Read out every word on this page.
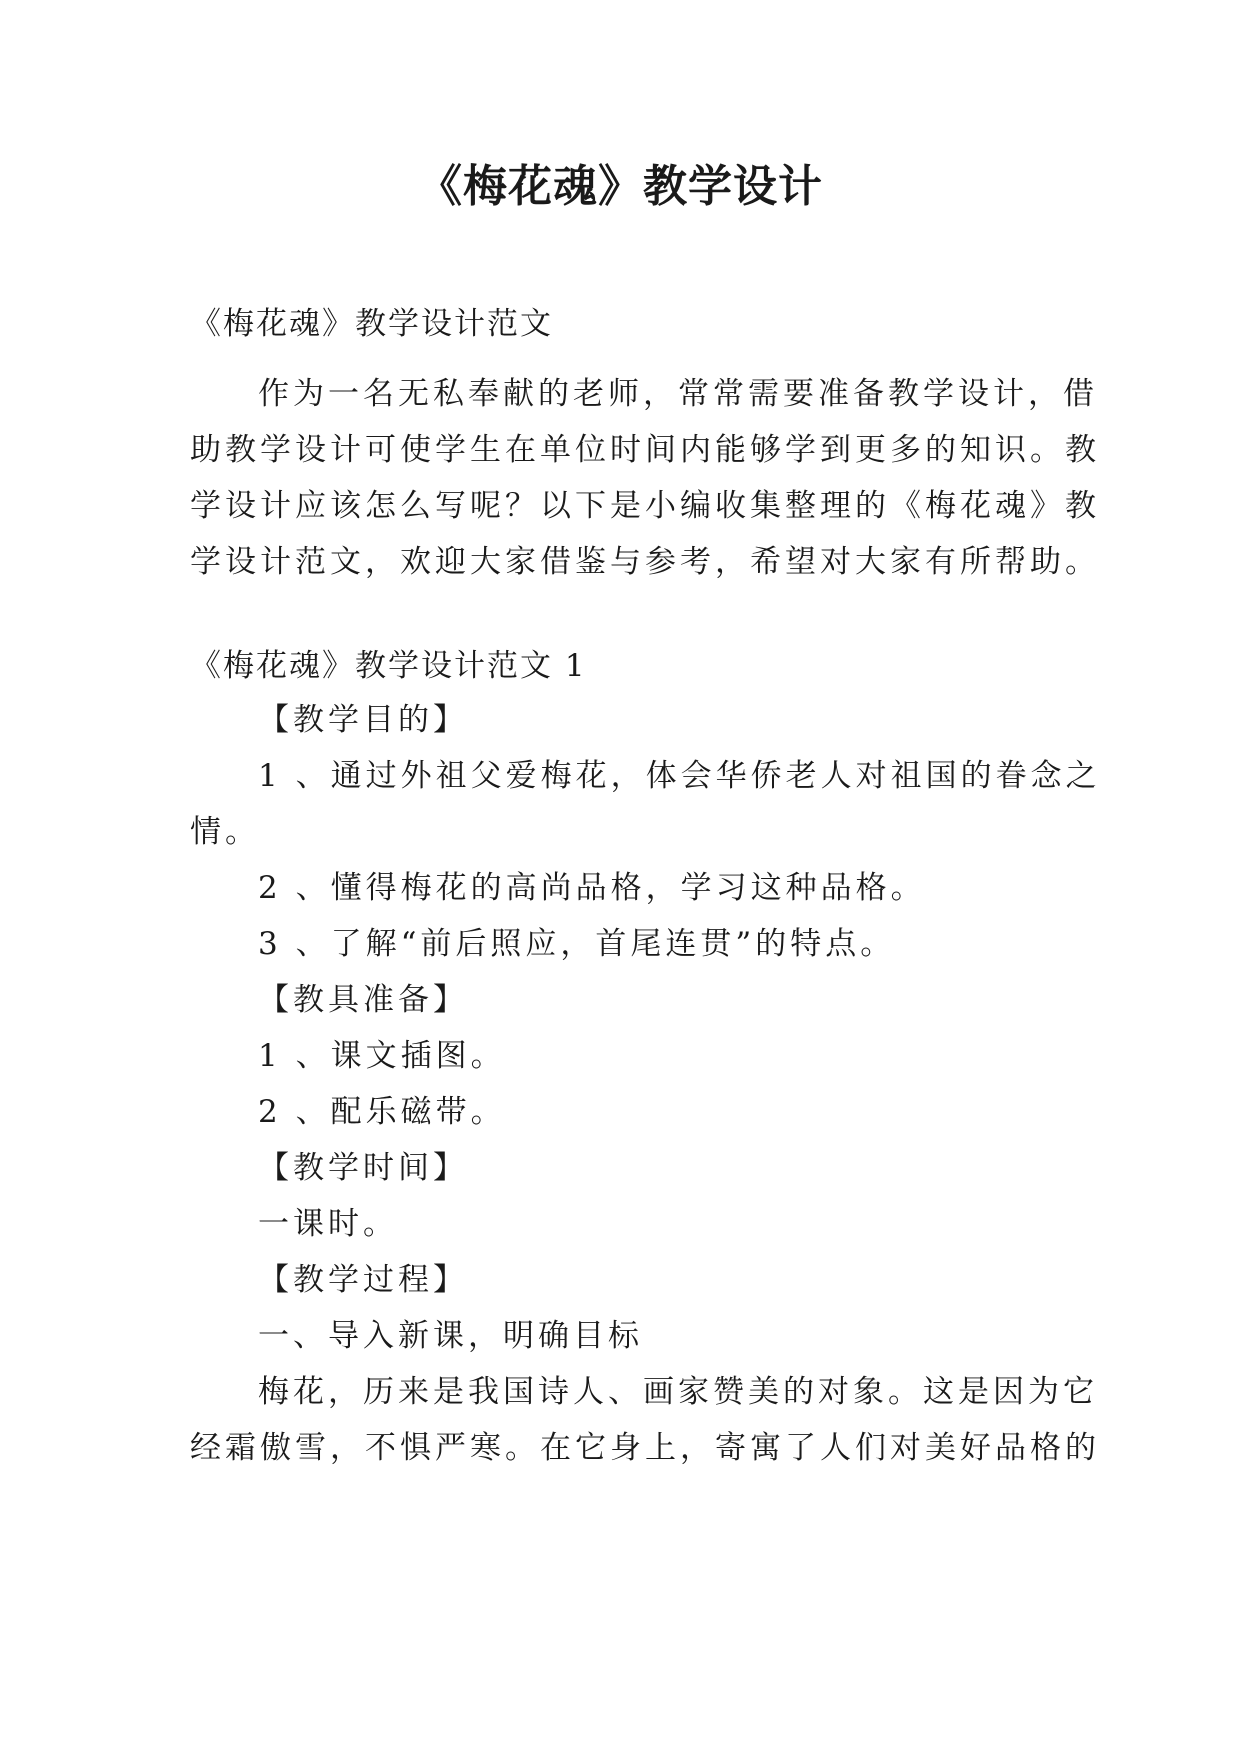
《梅花魂》教学设计
《梅花魂》教学设计范文
作为一名无私奉献的老师，常常需要准备教学设计，借
助教学设计可使学生在单位时间内能够学到更多的知识。教
学设计应该怎么写呢？以下是小编收集整理的《梅花魂》教
学设计范文，欢迎大家借鉴与参考，希望对大家有所帮助。
《梅花魂》教学设计范文 1
【教学目的】
1 、通过外祖父爱梅花，体会华侨老人对祖国的眷念之
情。
2 、懂得梅花的高尚品格，学习这种品格。
3 、了解“前后照应，首尾连贯”的特点。
【教具准备】
1 、课文插图。
2 、配乐磁带。
【教学时间】
一课时。
【教学过程】
一、导入新课，明确目标
梅花，历来是我国诗人、画家赞美的对象。这是因为它
经霜傲雪，不惧严寒。在它身上，寄寓了人们对美好品格的
